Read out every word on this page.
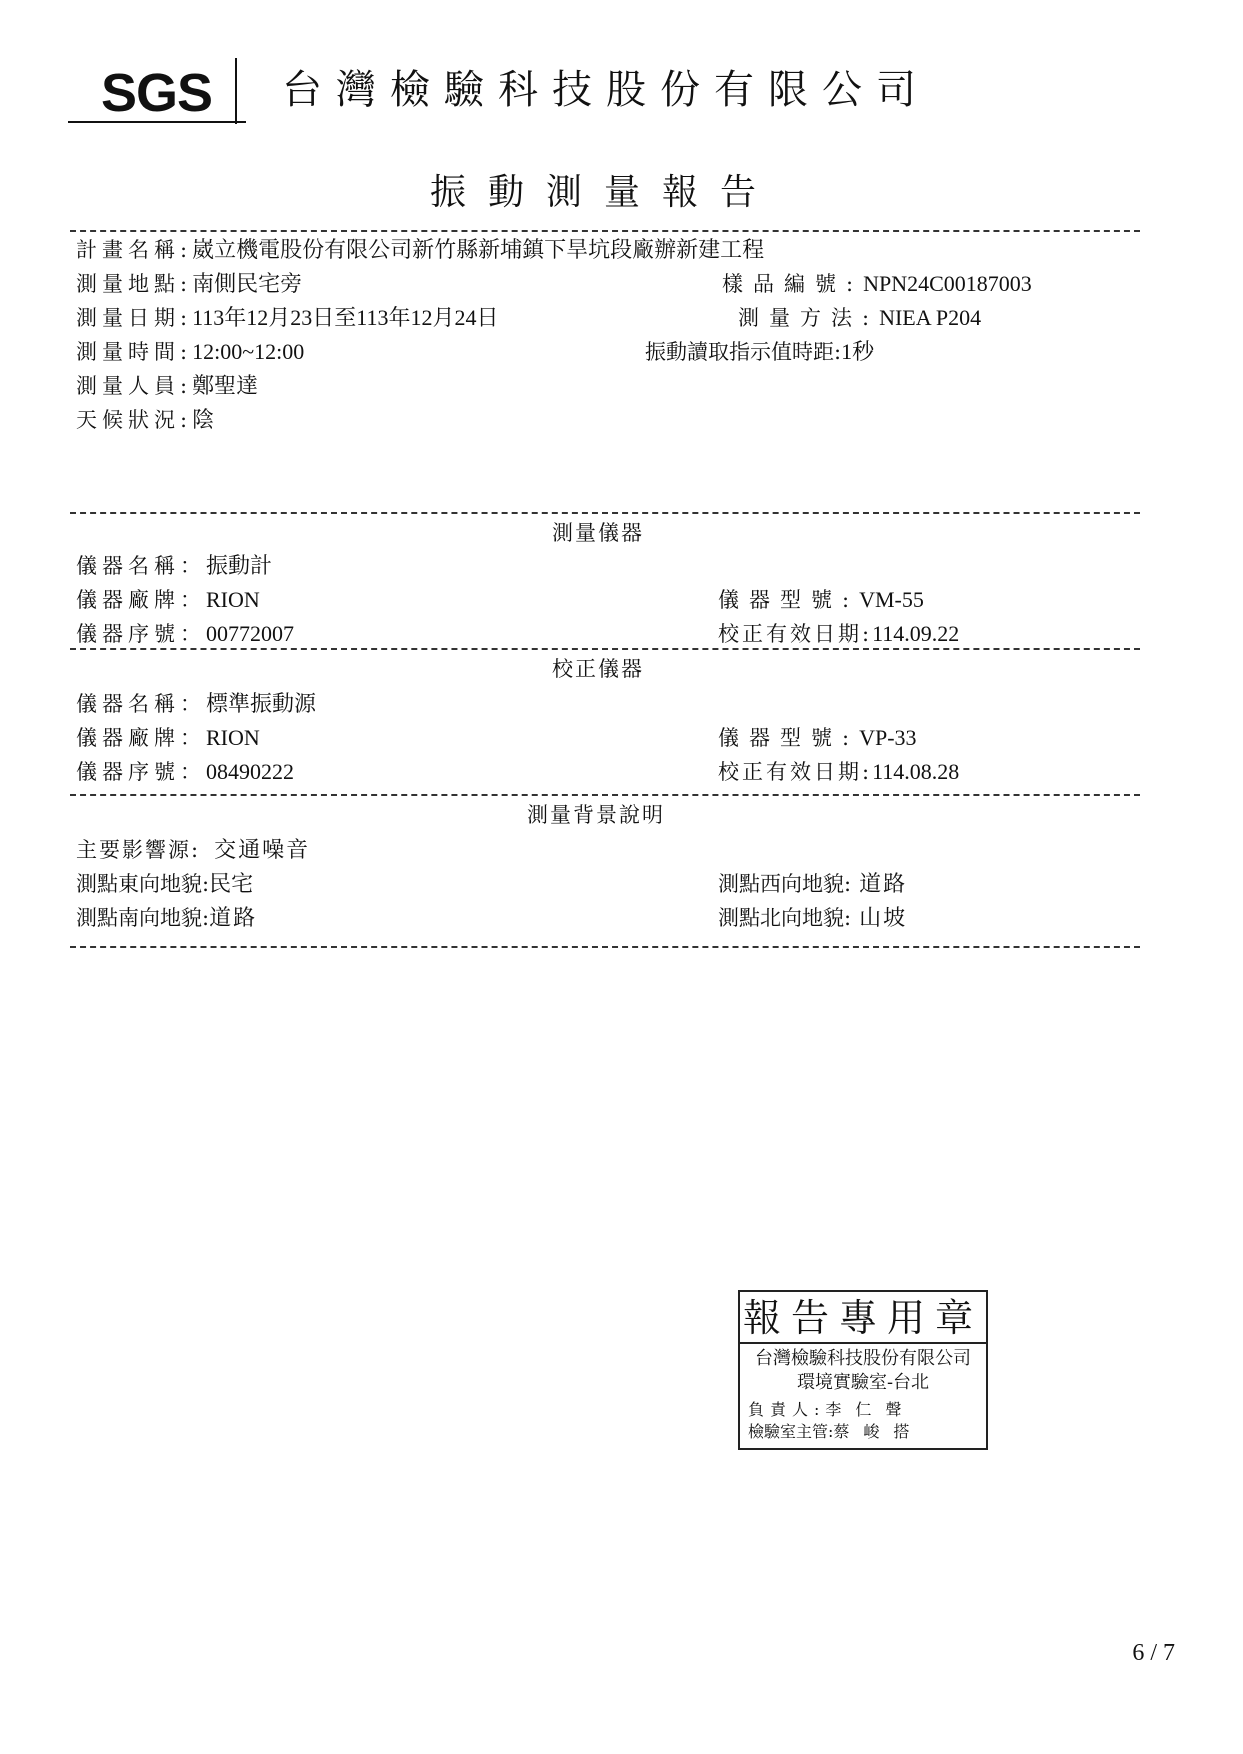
SGS 台灣檢驗科技股份有限公司
振動測量報告
計畫名稱:崴立機電股份有限公司新竹縣新埔鎮下旱坑段廠辦新建工程
測量地點:南側民宅旁	樣品編號:NPN24C00187003
測量日期:113年12月23日至113年12月24日	測量方法:NIEA P204
測量時間:12:00~12:00	振動讀取指示值時距:1秒
測量人員:鄭聖達
天候狀況:陰
測量儀器
儀器名稱：振動計
儀器廠牌：RION	儀器型號:VM-55
儀器序號：00772007	校正有效日期:114.09.22
校正儀器
儀器名稱：標準振動源
儀器廠牌：RION	儀器型號:VP-33
儀器序號：08490222	校正有效日期:114.08.28
測量背景說明
主要影響源: 交通噪音
測點東向地貌:民宅	測點西向地貌: 道路
測點南向地貌:道路	測點北向地貌: 山坡
報告專用章
台灣檢驗科技股份有限公司
環境實驗室-台北
負責人:李仁聲
檢驗室主管:蔡峻搭
6 / 7
